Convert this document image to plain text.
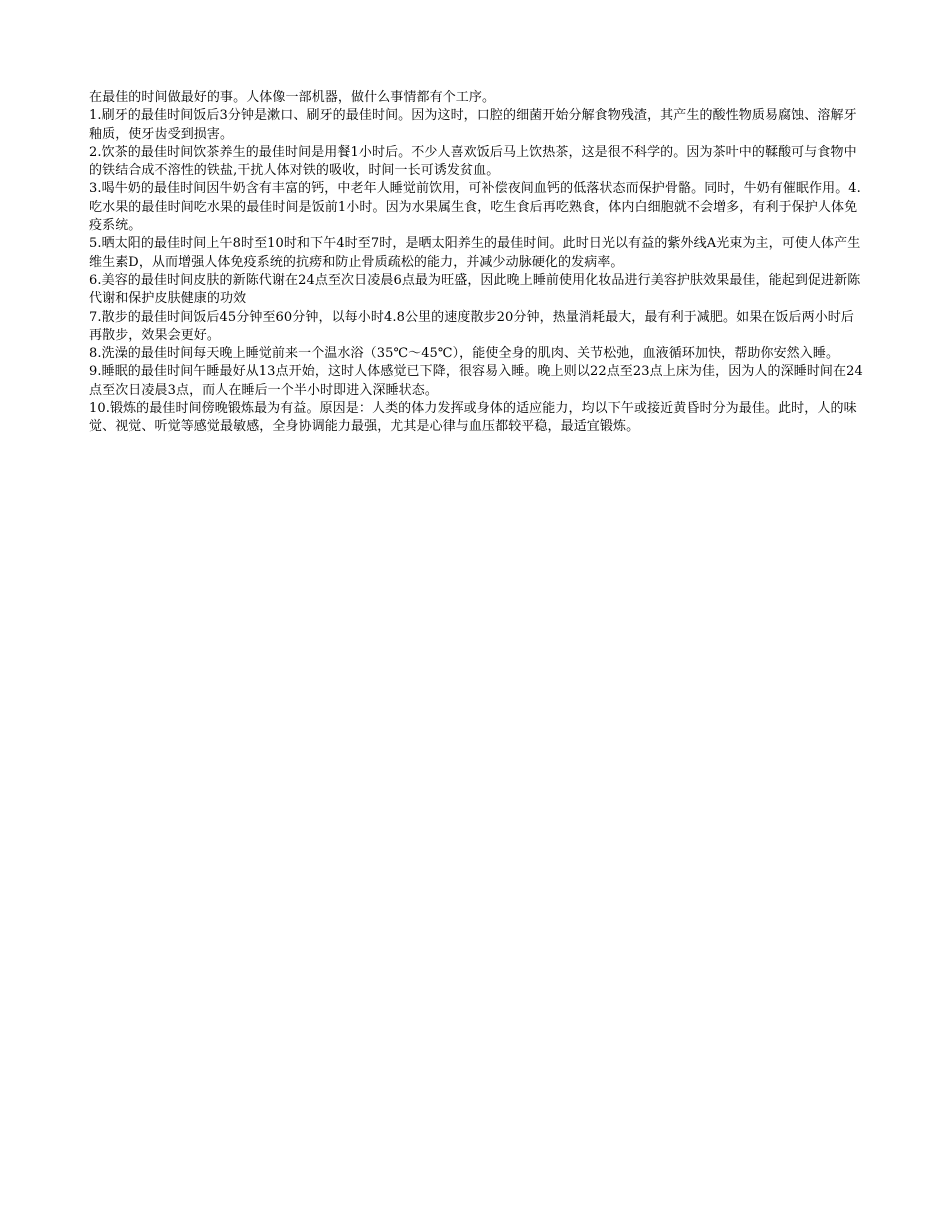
在最佳的时间做最好的事。人体像一部机器，做什么事情都有个工序。

1.刷牙的最佳时间饭后3分钟是漱口、刷牙的最佳时间。因为这时，口腔的细菌开始分解食物残渣，其产生的酸性物质易腐蚀、溶解牙釉质，使牙齿受到损害。

2.饮茶的最佳时间饮茶养生的最佳时间是用餐1小时后。不少人喜欢饭后马上饮热茶，这是很不科学的。因为茶叶中的鞣酸可与食物中的铁结合成不溶性的铁盐,干扰人体对铁的吸收，时间一长可诱发贫血。

3.喝牛奶的最佳时间因牛奶含有丰富的钙，中老年人睡觉前饮用，可补偿夜间血钙的低落状态而保护骨骼。同时，牛奶有催眠作用。4.吃水果的最佳时间吃水果的最佳时间是饭前1小时。因为水果属生食，吃生食后再吃熟食，体内白细胞就不会增多，有利于保护人体免疫系统。

5.晒太阳的最佳时间上午8时至10时和下午4时至7时，是晒太阳养生的最佳时间。此时日光以有益的紫外线A光束为主，可使人体产生维生素D，从而增强人体免疫系统的抗痨和防止骨质疏松的能力，并减少动脉硬化的发病率。

6.美容的最佳时间皮肤的新陈代谢在24点至次日凌晨6点最为旺盛，因此晚上睡前使用化妆品进行美容护肤效果最佳，能起到促进新陈代谢和保护皮肤健康的功效

7.散步的最佳时间饭后45分钟至60分钟，以每小时4.8公里的速度散步20分钟，热量消耗最大，最有利于减肥。如果在饭后两小时后再散步，效果会更好。

8.洗澡的最佳时间每天晚上睡觉前来一个温水浴（35℃～45℃），能使全身的肌肉、关节松弛，血液循环加快，帮助你安然入睡。

9.睡眠的最佳时间午睡最好从13点开始，这时人体感觉已下降，很容易入睡。晚上则以22点至23点上床为佳，因为人的深睡时间在24点至次日凌晨3点，而人在睡后一个半小时即进入深睡状态。

10.锻炼的最佳时间傍晚锻炼最为有益。原因是：人类的体力发挥或身体的适应能力，均以下午或接近黄昏时分为最佳。此时，人的味觉、视觉、听觉等感觉最敏感，全身协调能力最强，尤其是心律与血压都较平稳，最适宜锻炼。
